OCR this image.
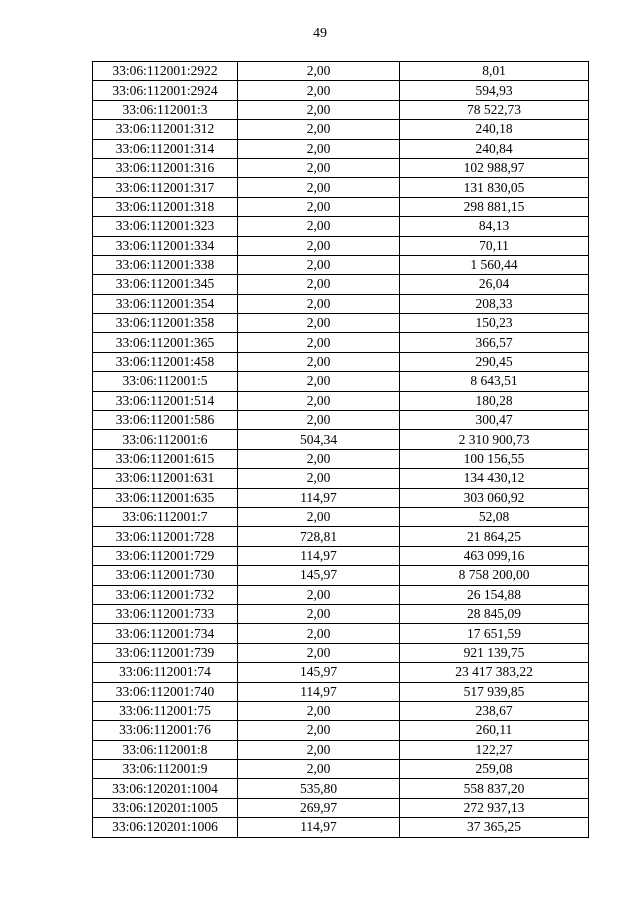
49
33:06:112001:2922	2,00	8,01
33:06:112001:2924	2,00	594,93
33:06:112001:3	2,00	78 522,73
33:06:112001:312	2,00	240,18
33:06:112001:314	2,00	240,84
33:06:112001:316	2,00	102 988,97
33:06:112001:317	2,00	131 830,05
33:06:112001:318	2,00	298 881,15
33:06:112001:323	2,00	84,13
33:06:112001:334	2,00	70,11
33:06:112001:338	2,00	1 560,44
33:06:112001:345	2,00	26,04
33:06:112001:354	2,00	208,33
33:06:112001:358	2,00	150,23
33:06:112001:365	2,00	366,57
33:06:112001:458	2,00	290,45
33:06:112001:5	2,00	8 643,51
33:06:112001:514	2,00	180,28
33:06:112001:586	2,00	300,47
33:06:112001:6	504,34	2 310 900,73
33:06:112001:615	2,00	100 156,55
33:06:112001:631	2,00	134 430,12
33:06:112001:635	114,97	303 060,92
33:06:112001:7	2,00	52,08
33:06:112001:728	728,81	21 864,25
33:06:112001:729	114,97	463 099,16
33:06:112001:730	145,97	8 758 200,00
33:06:112001:732	2,00	26 154,88
33:06:112001:733	2,00	28 845,09
33:06:112001:734	2,00	17 651,59
33:06:112001:739	2,00	921 139,75
33:06:112001:74	145,97	23 417 383,22
33:06:112001:740	114,97	517 939,85
33:06:112001:75	2,00	238,67
33:06:112001:76	2,00	260,11
33:06:112001:8	2,00	122,27
33:06:112001:9	2,00	259,08
33:06:120201:1004	535,80	558 837,20
33:06:120201:1005	269,97	272 937,13
33:06:120201:1006	114,97	37 365,25
